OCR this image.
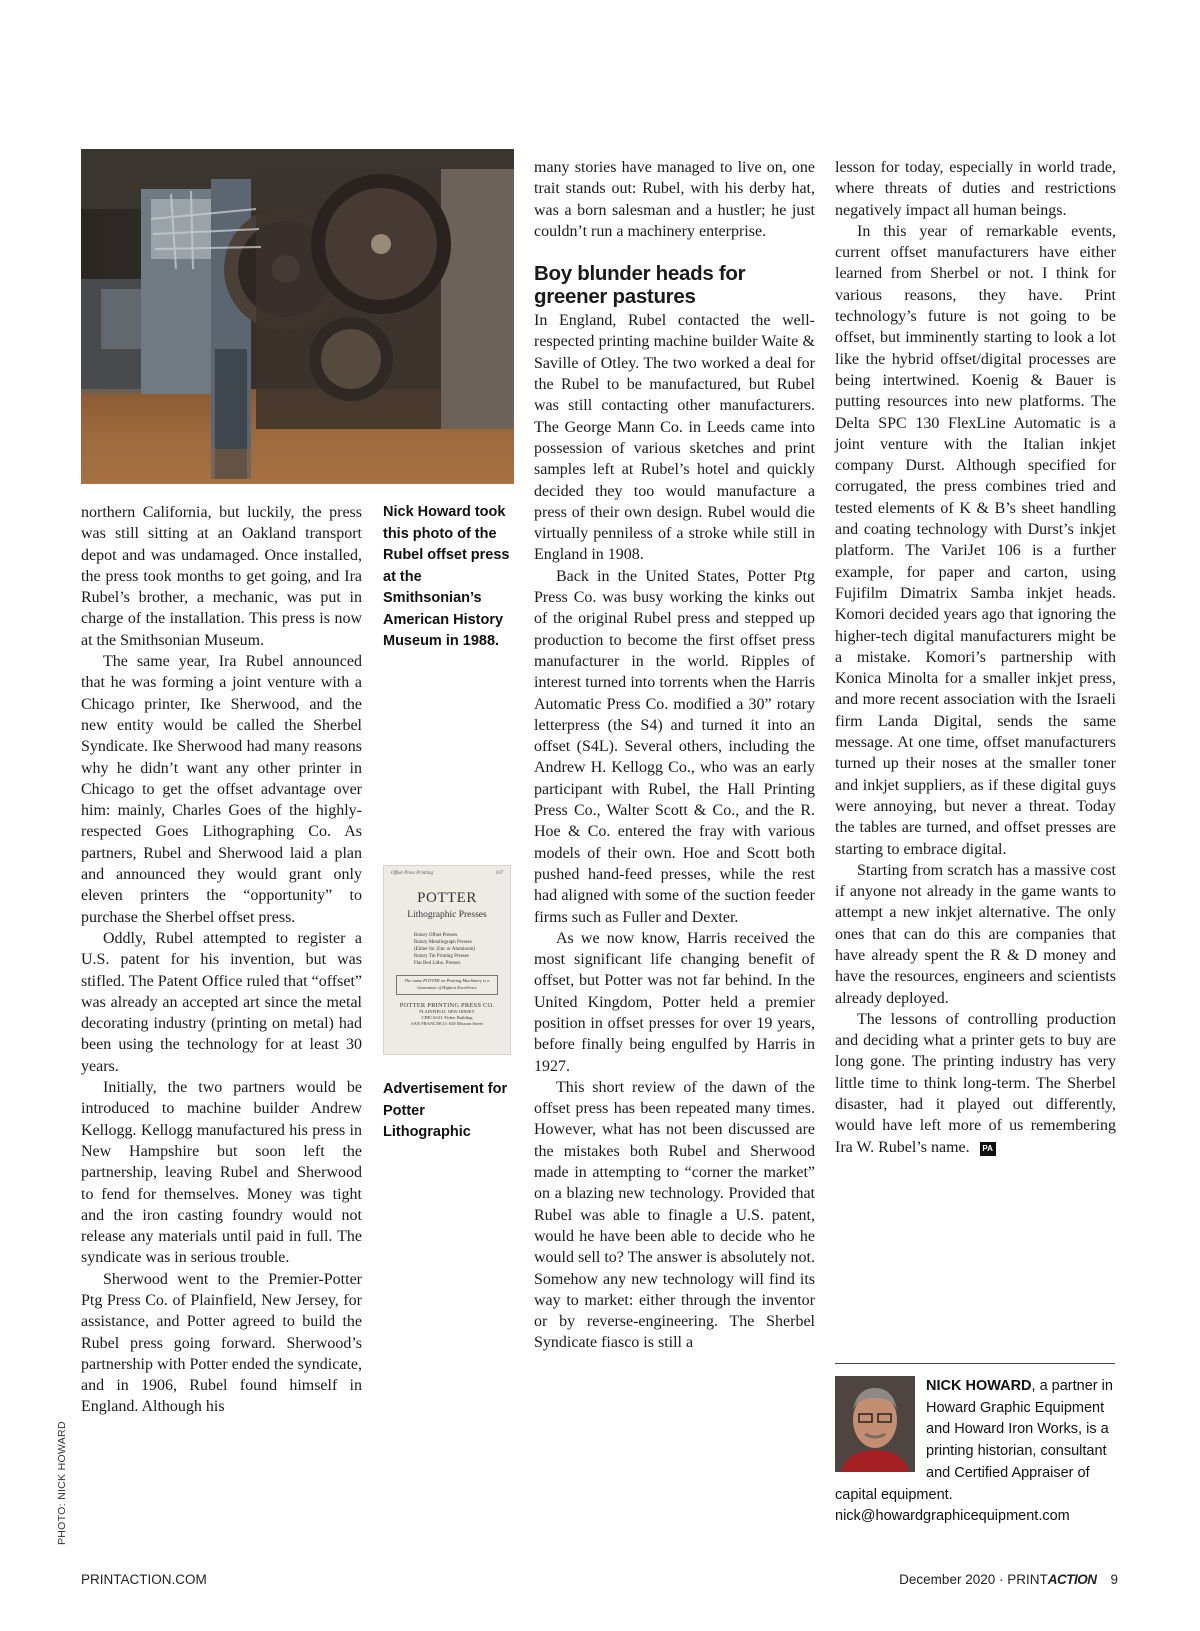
PHOTO: NICK HOWARD

northern California, but luckily, the press was still sitting at an Oakland transport depot and was undamaged. Once installed, the press took months to get going, and Ira Rubel’s brother, a mechanic, was put in charge of the installation. This press is now at the Smithsonian Museum.

The same year, Ira Rubel announced that he was forming a joint venture with a Chicago printer, Ike Sherwood, and the new entity would be called the Sherbel Syndicate. Ike Sherwood had many reasons why he didn’t want any other printer in Chicago to get the offset advantage over him: mainly, Charles Goes of the highly-respected Goes Lithographing Co. As partners, Rubel and Sherwood laid a plan and announced they would grant only eleven printers the “opportunity” to purchase the Sherbel offset press.

Oddly, Rubel attempted to register a U.S. patent for his invention, but was stifled. The Patent Office ruled that “offset” was already an accepted art since the metal decorating industry (printing on metal) had been using the technology for at least 30 years.

Initially, the two partners would be introduced to machine builder Andrew Kellogg. Kellogg manufactured his press in New Hampshire but soon left the partnership, leaving Rubel and Sherwood to fend for themselves. Money was tight and the iron casting foundry would not release any materials until paid in full. The syndicate was in serious trouble.

Sherwood went to the Premier-Potter Ptg Press Co. of Plainfield, New Jersey, for assistance, and Potter agreed to build the Rubel press going forward. Sherwood’s partnership with Potter ended the syndicate, and in 1906, Rubel found himself in England. Although his

Nick Howard took this photo of the Rubel offset press at the Smithsonian’s American History Museum in 1988.
Offset Press Printing	107
POTTER
Lithographic Presses
Rotary Offset Presses
Rotary Metallograph Presses
(Either for Zinc or Aluminum)
Rotary Tin Printing Presses
Flat Bed Litho. Presses
The name POTTER on Printing Machinery is a Guarantee of Highest Excellence
POTTER PRINTING PRESS CO.
PLAINFIELD, NEW JERSEY
CHICAGO: Fisher Building
SAN FRANCISCO: 638 Mission Street
Advertisement for Potter Lithographic

many stories have managed to live on, one trait stands out: Rubel, with his derby hat, was a born salesman and a hustler; he just couldn’t run a machinery enterprise.

Boy blunder heads for greener pastures

In England, Rubel contacted the well-respected printing machine builder Waite & Saville of Otley. The two worked a deal for the Rubel to be manufactured, but Rubel was still contacting other manufacturers. The George Mann Co. in Leeds came into possession of various sketches and print samples left at Rubel’s hotel and quickly decided they too would manufacture a press of their own design. Rubel would die virtually penniless of a stroke while still in England in 1908.

Back in the United States, Potter Ptg Press Co. was busy working the kinks out of the original Rubel press and stepped up production to become the first offset press manufacturer in the world. Ripples of interest turned into torrents when the Harris Automatic Press Co. modified a 30” rotary letterpress (the S4) and turned it into an offset (S4L). Several others, including the Andrew H. Kellogg Co., who was an early participant with Rubel, the Hall Printing Press Co., Walter Scott & Co., and the R. Hoe & Co. entered the fray with various models of their own. Hoe and Scott both pushed hand-feed presses, while the rest had aligned with some of the suction feeder firms such as Fuller and Dexter.

As we now know, Harris received the most significant life changing benefit of offset, but Potter was not far behind. In the United Kingdom, Potter held a premier position in offset presses for over 19 years, before finally being engulfed by Harris in 1927.

This short review of the dawn of the offset press has been repeated many times. However, what has not been discussed are the mistakes both Rubel and Sherwood made in attempting to “corner the market” on a blazing new technology. Provided that Rubel was able to finagle a U.S. patent, would he have been able to decide who he would sell to? The answer is absolutely not. Somehow any new technology will find its way to market: either through the inventor or by reverse-engineering. The Sherbel Syndicate fiasco is still a

lesson for today, especially in world trade, where threats of duties and restrictions negatively impact all human beings.

In this year of remarkable events, current offset manufacturers have either learned from Sherbel or not. I think for various reasons, they have. Print technology’s future is not going to be offset, but imminently starting to look a lot like the hybrid offset/digital processes are being intertwined. Koenig & Bauer is putting resources into new platforms. The Delta SPC 130 FlexLine Automatic is a joint venture with the Italian inkjet company Durst. Although specified for corrugated, the press combines tried and tested elements of K & B’s sheet handling and coating technology with Durst’s inkjet platform. The VariJet 106 is a further example, for paper and carton, using Fujifilm Dimatrix Samba inkjet heads. Komori decided years ago that ignoring the higher-tech digital manufacturers might be a mistake. Komori’s partnership with Konica Minolta for a smaller inkjet press, and more recent association with the Israeli firm Landa Digital, sends the same message. At one time, offset manufacturers turned up their noses at the smaller toner and inkjet suppliers, as if these digital guys were annoying, but never a threat. Today the tables are turned, and offset presses are starting to embrace digital.

Starting from scratch has a massive cost if anyone not already in the game wants to attempt a new inkjet alternative. The only ones that can do this are companies that have already spent the R & D money and have the resources, engineers and scientists already deployed.

The lessons of controlling production and deciding what a printer gets to buy are long gone. The printing industry has very little time to think long-term. The Sherbel disaster, had it played out differently, would have left more of us remembering Ira W. Rubel’s name. PA

NICK HOWARD, a partner in Howard Graphic Equipment and Howard Iron Works, is a printing historian, consultant and Certified Appraiser of capital equipment.
nick@howardgraphicequipment.com
PRINTACTION.COM	December 2020 · PRINTACTION 9
